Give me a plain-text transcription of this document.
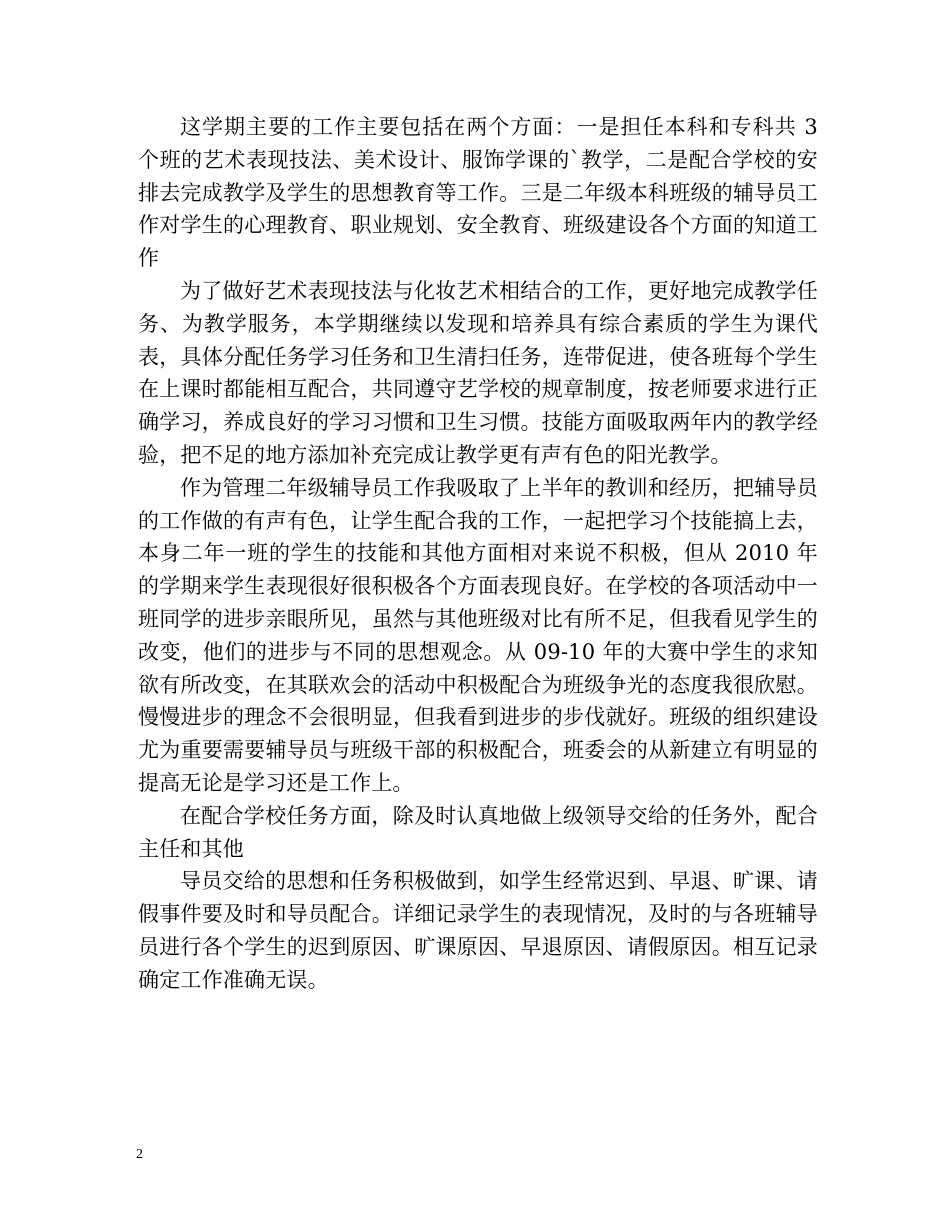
这学期主要的工作主要包括在两个方面：一是担任本科和专科共 3 个班的艺术表现技法、美术设计、服饰学课的`教学，二是配合学校的安排去完成教学及学生的思想教育等工作。三是二年级本科班级的辅导员工作对学生的心理教育、职业规划、安全教育、班级建设各个方面的知道工作

为了做好艺术表现技法与化妆艺术相结合的工作，更好地完成教学任务、为教学服务，本学期继续以发现和培养具有综合素质的学生为课代表，具体分配任务学习任务和卫生清扫任务，连带促进，使各班每个学生在上课时都能相互配合，共同遵守艺学校的规章制度，按老师要求进行正确学习，养成良好的学习习惯和卫生习惯。技能方面吸取两年内的教学经验，把不足的地方添加补充完成让教学更有声有色的阳光教学。

作为管理二年级辅导员工作我吸取了上半年的教训和经历，把辅导员的工作做的有声有色，让学生配合我的工作，一起把学习个技能搞上去，本身二年一班的学生的技能和其他方面相对来说不积极，但从 2010 年的学期来学生表现很好很积极各个方面表现良好。在学校的各项活动中一班同学的进步亲眼所见，虽然与其他班级对比有所不足，但我看见学生的改变，他们的进步与不同的思想观念。从 09-10 年的大赛中学生的求知欲有所改变，在其联欢会的活动中积极配合为班级争光的态度我很欣慰。慢慢进步的理念不会很明显，但我看到进步的步伐就好。班级的组织建设尤为重要需要辅导员与班级干部的积极配合，班委会的从新建立有明显的提高无论是学习还是工作上。

在配合学校任务方面，除及时认真地做上级领导交给的任务外，配合主任和其他

导员交给的思想和任务积极做到，如学生经常迟到、早退、旷课、请假事件要及时和导员配合。详细记录学生的表现情况，及时的与各班辅导员进行各个学生的迟到原因、旷课原因、早退原因、请假原因。相互记录确定工作准确无误。

2
